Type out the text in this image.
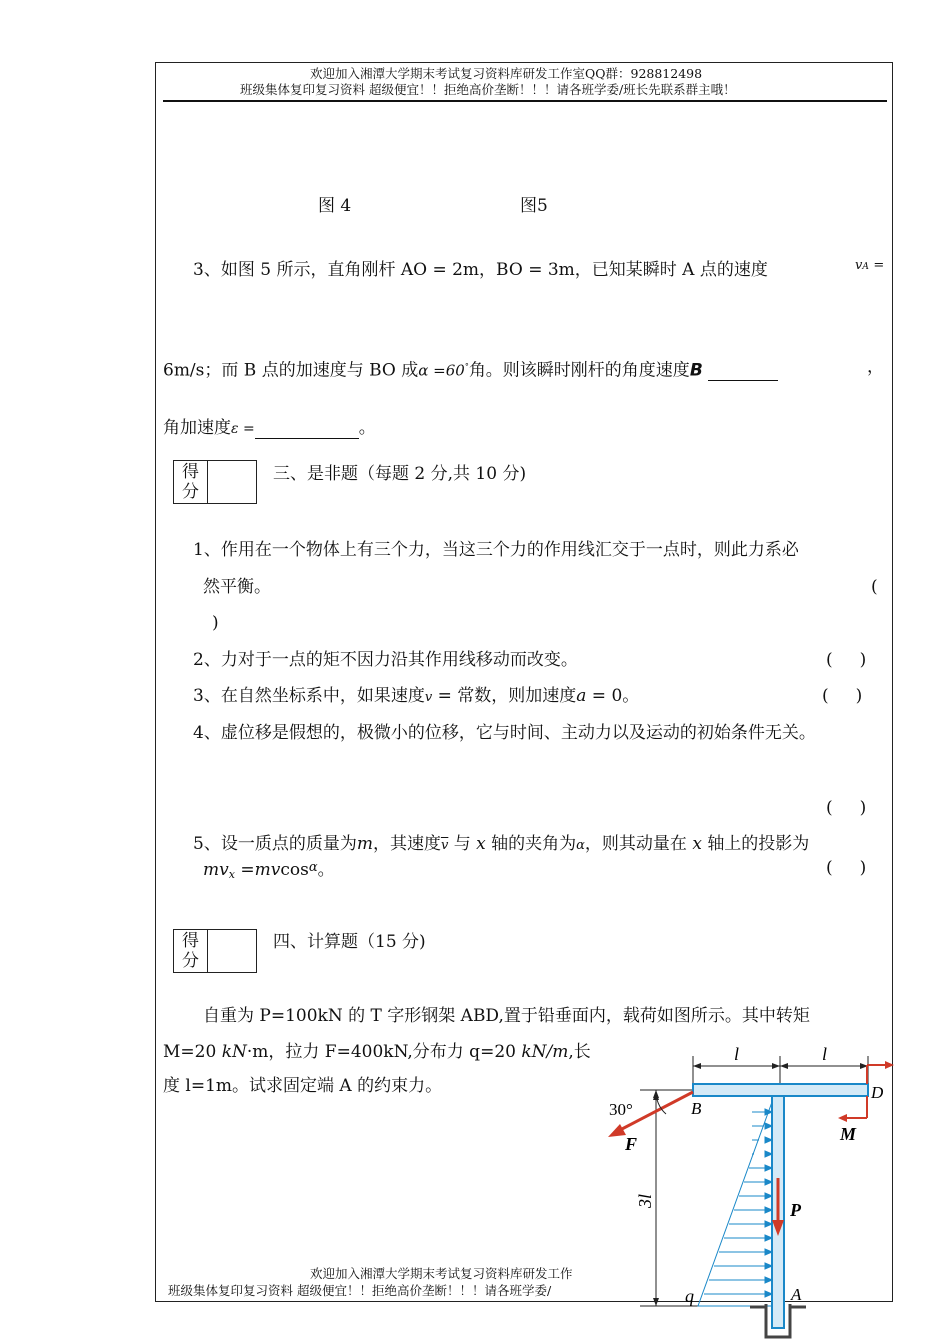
欢迎加入湘潭大学期末考试复习资料库研发工作室QQ群：928812498
班级集体复印复习资料 超级便宜！！拒绝高价垄断！！！请各班学委/班长先联系群主哦！
图 4	图5
3、如图 5 所示，直角刚杆 AO = 2m，BO = 3m，已知某瞬时 A 点的速度	vA =
6m/s；而 B 点的加速度与 BO 成α =60°角。则该瞬时刚杆的角度速度B	，
角加速度ε =	。
得分
三、是非题（每题 2 分,共 10 分)
1、作用在一个物体上有三个力，当这三个力的作用线汇交于一点时，则此力系必
然平衡。	(
)
2、力对于一点的矩不因力沿其作用线移动而改变。	(     )
3、在自然坐标系中，如果速度v = 常数，则加速度a = 0。	(     )
4、虚位移是假想的，极微小的位移，它与时间、主动力以及运动的初始条件无关。
(     )
5、设一质点的质量为m，其速度$\overline{v}$ 与 x 轴的夹角为α，则其动量在 x 轴上的投影为
mvx =mvcos$^\alpha$。	(     )
得分
四、计算题（15 分)
自重为 P=100kN 的 T 字形钢架 ABD,置于铅垂面内，载荷如图所示。其中转矩
M=20 kN·m，拉力 F=400kN,分布力 q=20 kN/m,长
度 l=1m。试求固定端 A 的约束力。
欢迎加入湘潭大学期末考试复习资料库研发工作
班级集体复印复习资料 超级便宜！！拒绝高价垄断！！！请各班学委/
l	l
D
B
30°
F	M
3l	P
q	A
